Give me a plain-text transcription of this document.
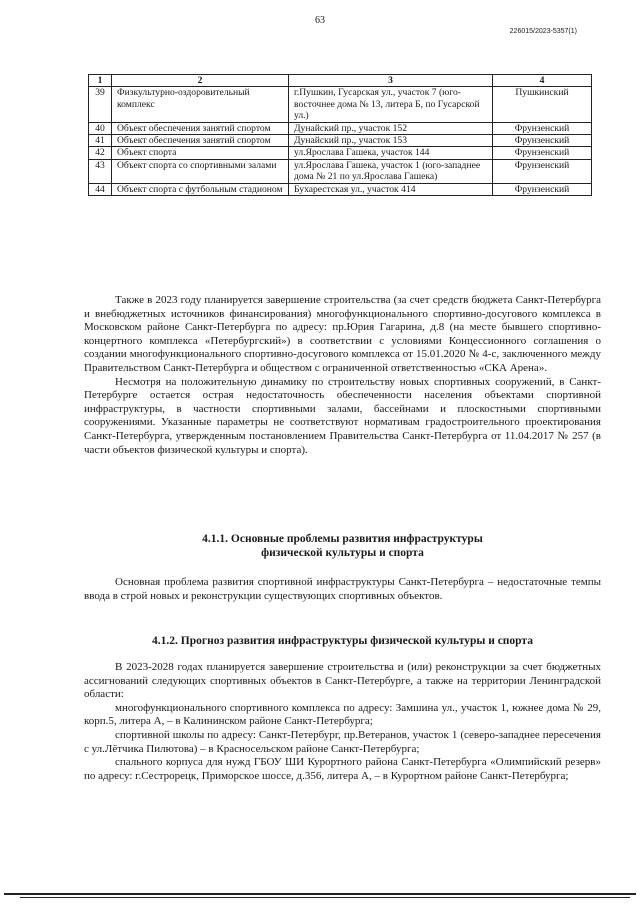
63
226015/2023-5357(1)
1	2	3	4
39	Физкультурно-оздоровительный комплекс	г.Пушкин, Гусарская ул., участок 7 (юго-восточнее дома № 13, литера Б, по Гусарской ул.)	Пушкинский
40	Объект обеспечения занятий спортом	Дунайский пр., участок 152	Фрунзенский
41	Объект обеспечения занятий спортом	Дунайский пр., участок 153	Фрунзенский
42	Объект спорта	ул.Ярослава Гашека, участок 144	Фрунзенский
43	Объект спорта со спортивными залами	ул.Ярослава Гашека, участок 1 (юго-западнее дома № 21 по ул.Ярослава Гашека)	Фрунзенский
44	Объект спорта с футбольным стадионом	Бухарестская ул., участок 414	Фрунзенский

Также в 2023 году планируется завершение строительства (за счет средств бюджета Санкт-Петербурга и внебюджетных источников финансирования) многофункционального спортивно-досугового комплекса в Московском районе Санкт-Петербурга по адресу: пр.Юрия Гагарина, д.8 (на месте бывшего спортивно-концертного комплекса «Петербургский») в соответствии с условиями Концессионного соглашения о создании многофункционального спортивно-досугового комплекса от 15.01.2020 № 4-с, заключенного между Правительством Санкт-Петербурга и обществом с ограниченной ответственностью «СКА Арена».

Несмотря на положительную динамику по строительству новых спортивных сооружений, в Санкт-Петербурге остается острая недостаточность обеспеченности населения объектами спортивной инфраструктуры, в частности спортивными залами, бассейнами и плоскостными спортивными сооружениями. Указанные параметры не соответствуют нормативам градостроительного проектирования Санкт-Петербурга, утвержденным постановлением Правительства Санкт-Петербурга от 11.04.2017 № 257 (в части объектов физической культуры и спорта).

4.1.1. Основные проблемы развития инфраструктуры
физической культуры и спорта

Основная проблема развития спортивной инфраструктуры Санкт-Петербурга – недостаточные темпы ввода в строй новых и реконструкции существующих спортивных объектов.

4.1.2. Прогноз развития инфраструктуры физической культуры и спорта

В 2023-2028 годах планируется завершение строительства и (или) реконструкции за счет бюджетных ассигнований следующих спортивных объектов в Санкт-Петербурге, а также на территории Ленинградской области:

многофункционального спортивного комплекса по адресу: Замшина ул., участок 1, южнее дома № 29, корп.5, литера А, – в Калининском районе Санкт-Петербурга;

спортивной школы по адресу: Санкт-Петербург, пр.Ветеранов, участок 1 (северо-западнее пересечения с ул.Лётчика Пилютова) – в Красносельском районе Санкт-Петербурга;

спального корпуса для нужд ГБОУ ШИ Курортного района Санкт-Петербурга «Олимпийский резерв» по адресу: г.Сестрорецк, Приморское шоссе, д.356, литера А, – в Курортном районе Санкт-Петербурга;
